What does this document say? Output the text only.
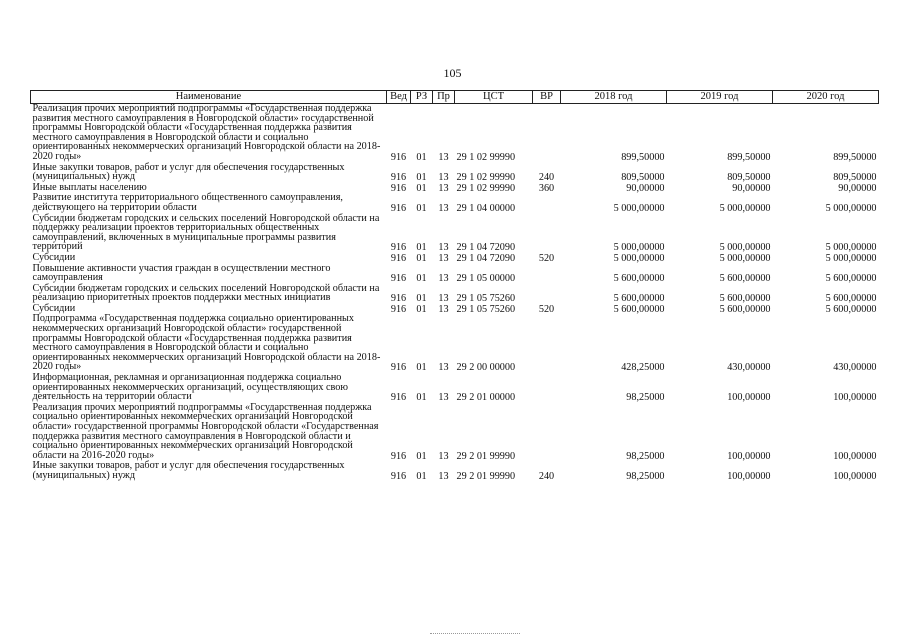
105
Наименование	Вед	РЗ	Пр	ЦСТ	ВР	2018 год	2019 год	2020 год
Реализация прочих мероприятий подпрограммы «Государственная поддержка развития местного самоуправления в Новгородской области» государственной программы Новгородской области «Государственная поддержка развития местного самоуправления в Новгородской области и социально ориентированных некоммерческих организаций Новгородской области на 2018-2020 годы»	916	01	13	29 1 02 99990		899,50000	899,50000	899,50000
Иные закупки товаров, работ и услуг для обеспечения государственных (муниципальных) нужд	916	01	13	29 1 02 99990	240	809,50000	809,50000	809,50000
Иные выплаты населению	916	01	13	29 1 02 99990	360	90,00000	90,00000	90,00000
Развитие института территориального общественного самоуправления, действующего на территории области	916	01	13	29 1 04 00000		5 000,00000	5 000,00000	5 000,00000
Субсидии бюджетам городских и сельских поселений Новгородской области на поддержку реализации проектов территориальных общественных самоуправлений, включенных в муниципальные программы развития территорий	916	01	13	29 1 04 72090		5 000,00000	5 000,00000	5 000,00000
Субсидии	916	01	13	29 1 04 72090	520	5 000,00000	5 000,00000	5 000,00000
Повышение активности участия граждан в осуществлении местного самоуправления	916	01	13	29 1 05 00000		5 600,00000	5 600,00000	5 600,00000
Субсидии бюджетам городских и сельских поселений Новгородской области на реализацию приоритетных проектов поддержки местных инициатив	916	01	13	29 1 05 75260		5 600,00000	5 600,00000	5 600,00000
Субсидии	916	01	13	29 1 05 75260	520	5 600,00000	5 600,00000	5 600,00000
Подпрограмма «Государственная поддержка социально ориентированных некоммерческих организаций Новгородской области» государственной программы Новгородской области «Государственная поддержка развития местного самоуправления в Новгородской области и социально ориентированных некоммерческих организаций Новгородской области на 2018-2020 годы»	916	01	13	29 2 00 00000		428,25000	430,00000	430,00000
Информационная, рекламная и организационная поддержка социально ориентированных некоммерческих организаций, осуществляющих свою деятельность на территории области	916	01	13	29 2 01 00000		98,25000	100,00000	100,00000
Реализация прочих мероприятий подпрограммы «Государственная поддержка социально ориентированных некоммерческих организаций Новгородской области» государственной программы Новгородской области «Государственная поддержка развития местного самоуправления в Новгородской области и социально ориентированных некоммерческих организаций Новгородской области на 2016-2020 годы»	916	01	13	29 2 01 99990		98,25000	100,00000	100,00000
Иные закупки товаров, работ и услуг для обеспечения государственных (муниципальных) нужд	916	01	13	29 2 01 99990	240	98,25000	100,00000	100,00000
